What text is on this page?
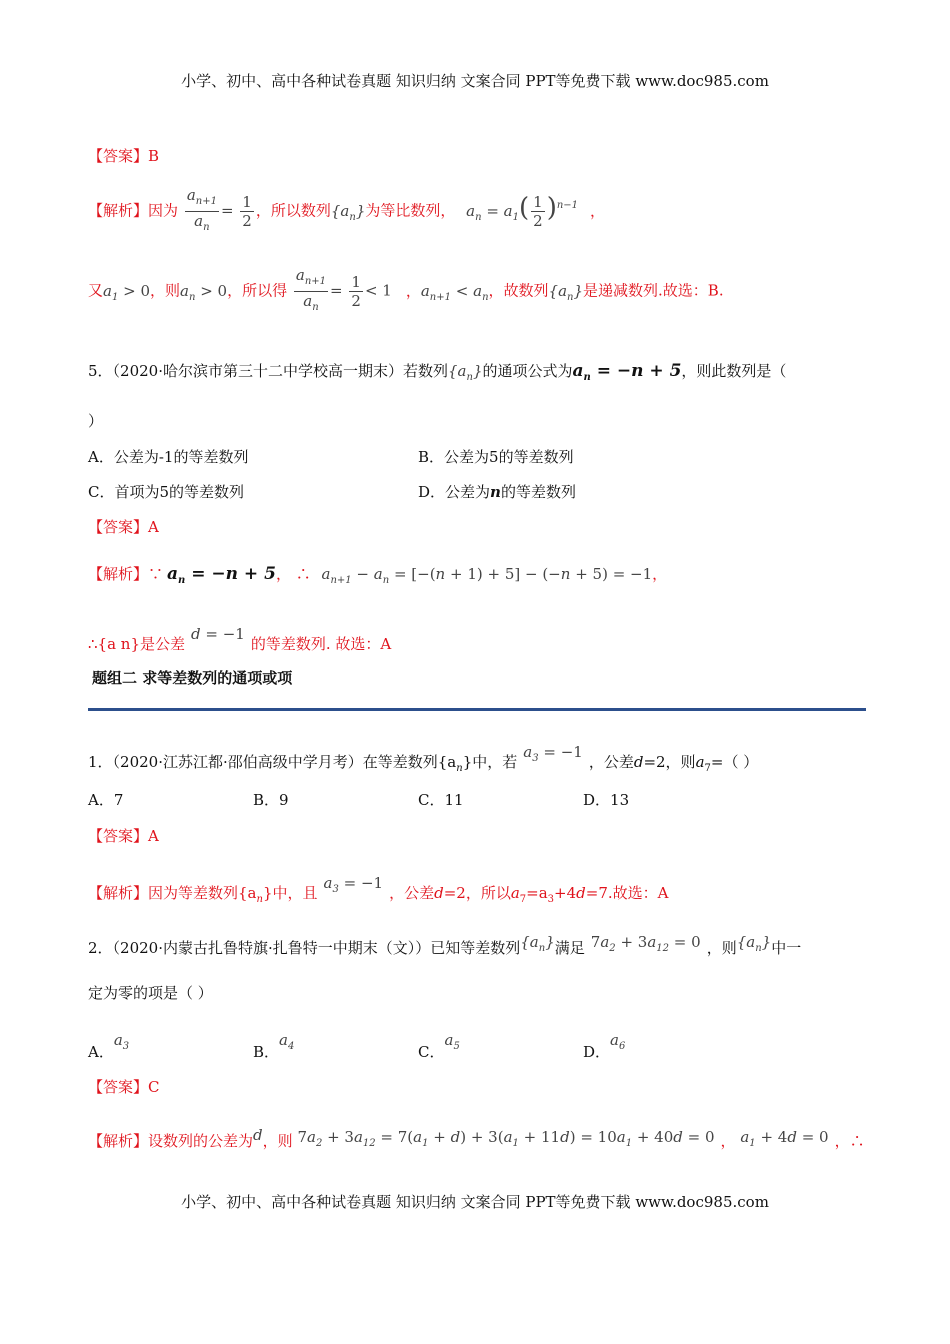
小学、初中、高中各种试卷真题 知识归纳 文案合同 PPT等免费下载 www.doc985.com
【答案】B
【解析】因为 $\frac{a_{n+1}}{a_n} = \frac{1}{2}$ ，所以数列$\{a_n\}$为等比数列， $a_n = a_1( \frac{1}{2} )^{n-1}$ ，
又$a_1 > 0$，则$a_n > 0$，所以得 $\frac{a_{n+1}}{a_n} = \frac{1}{2} < 1$ ，$a_{n+1} < a_n$，故数列$\{a_n\}$是递减数列.故选：B.
5．（2020·哈尔滨市第三十二中学校高一期末）若数列$\{a_n\}$的通项公式为$a_n = -n + 5$，则此数列是（
）
A．公差为-1的等差数列	B．公差为5的等差数列
C．首项为5的等差数列	D．公差为n的等差数列
【答案】A
【解析】∵ $a_n = -n + 5$， ∴ $a_{n+1} - a_n = [-(n + 1) + 5] - (-n + 5) = -1$，
∴{a n}是公差d = −1的等差数列. 故选：A
题组二 求等差数列的通项或项
1．（2020·江苏江都·邵伯高级中学月考）在等差数列$\{a_n\}$中，若$a_3 = -1$，公差d=2，则$a_7=$（ ）
A．7	B．9	C．11	D．13
【答案】A
【解析】因为等差数列$\{a_n\}$中，且$a_3 = -1$，公差d=2，所以$a_7=a_3+4d=7$.故选：A
2．（2020·内蒙古扎鲁特旗·扎鲁特一中期末（文））已知等差数列$\{a_n\}$满足 $7a_2 + 3a_{12} = 0$ ，则$\{a_n\}$中一
定为零的项是（ ）
A．$a_3$	B．$a_4$	C．$a_5$	D．$a_6$
【答案】C
【解析】设数列的公差为d，则 $7a_2 + 3a_{12} = 7(a_1 + d) + 3(a_1 + 11d) = 10a_1 + 40d = 0$ ， $a_1 + 4d = 0$ ，∴
小学、初中、高中各种试卷真题 知识归纳 文案合同 PPT等免费下载 www.doc985.com
